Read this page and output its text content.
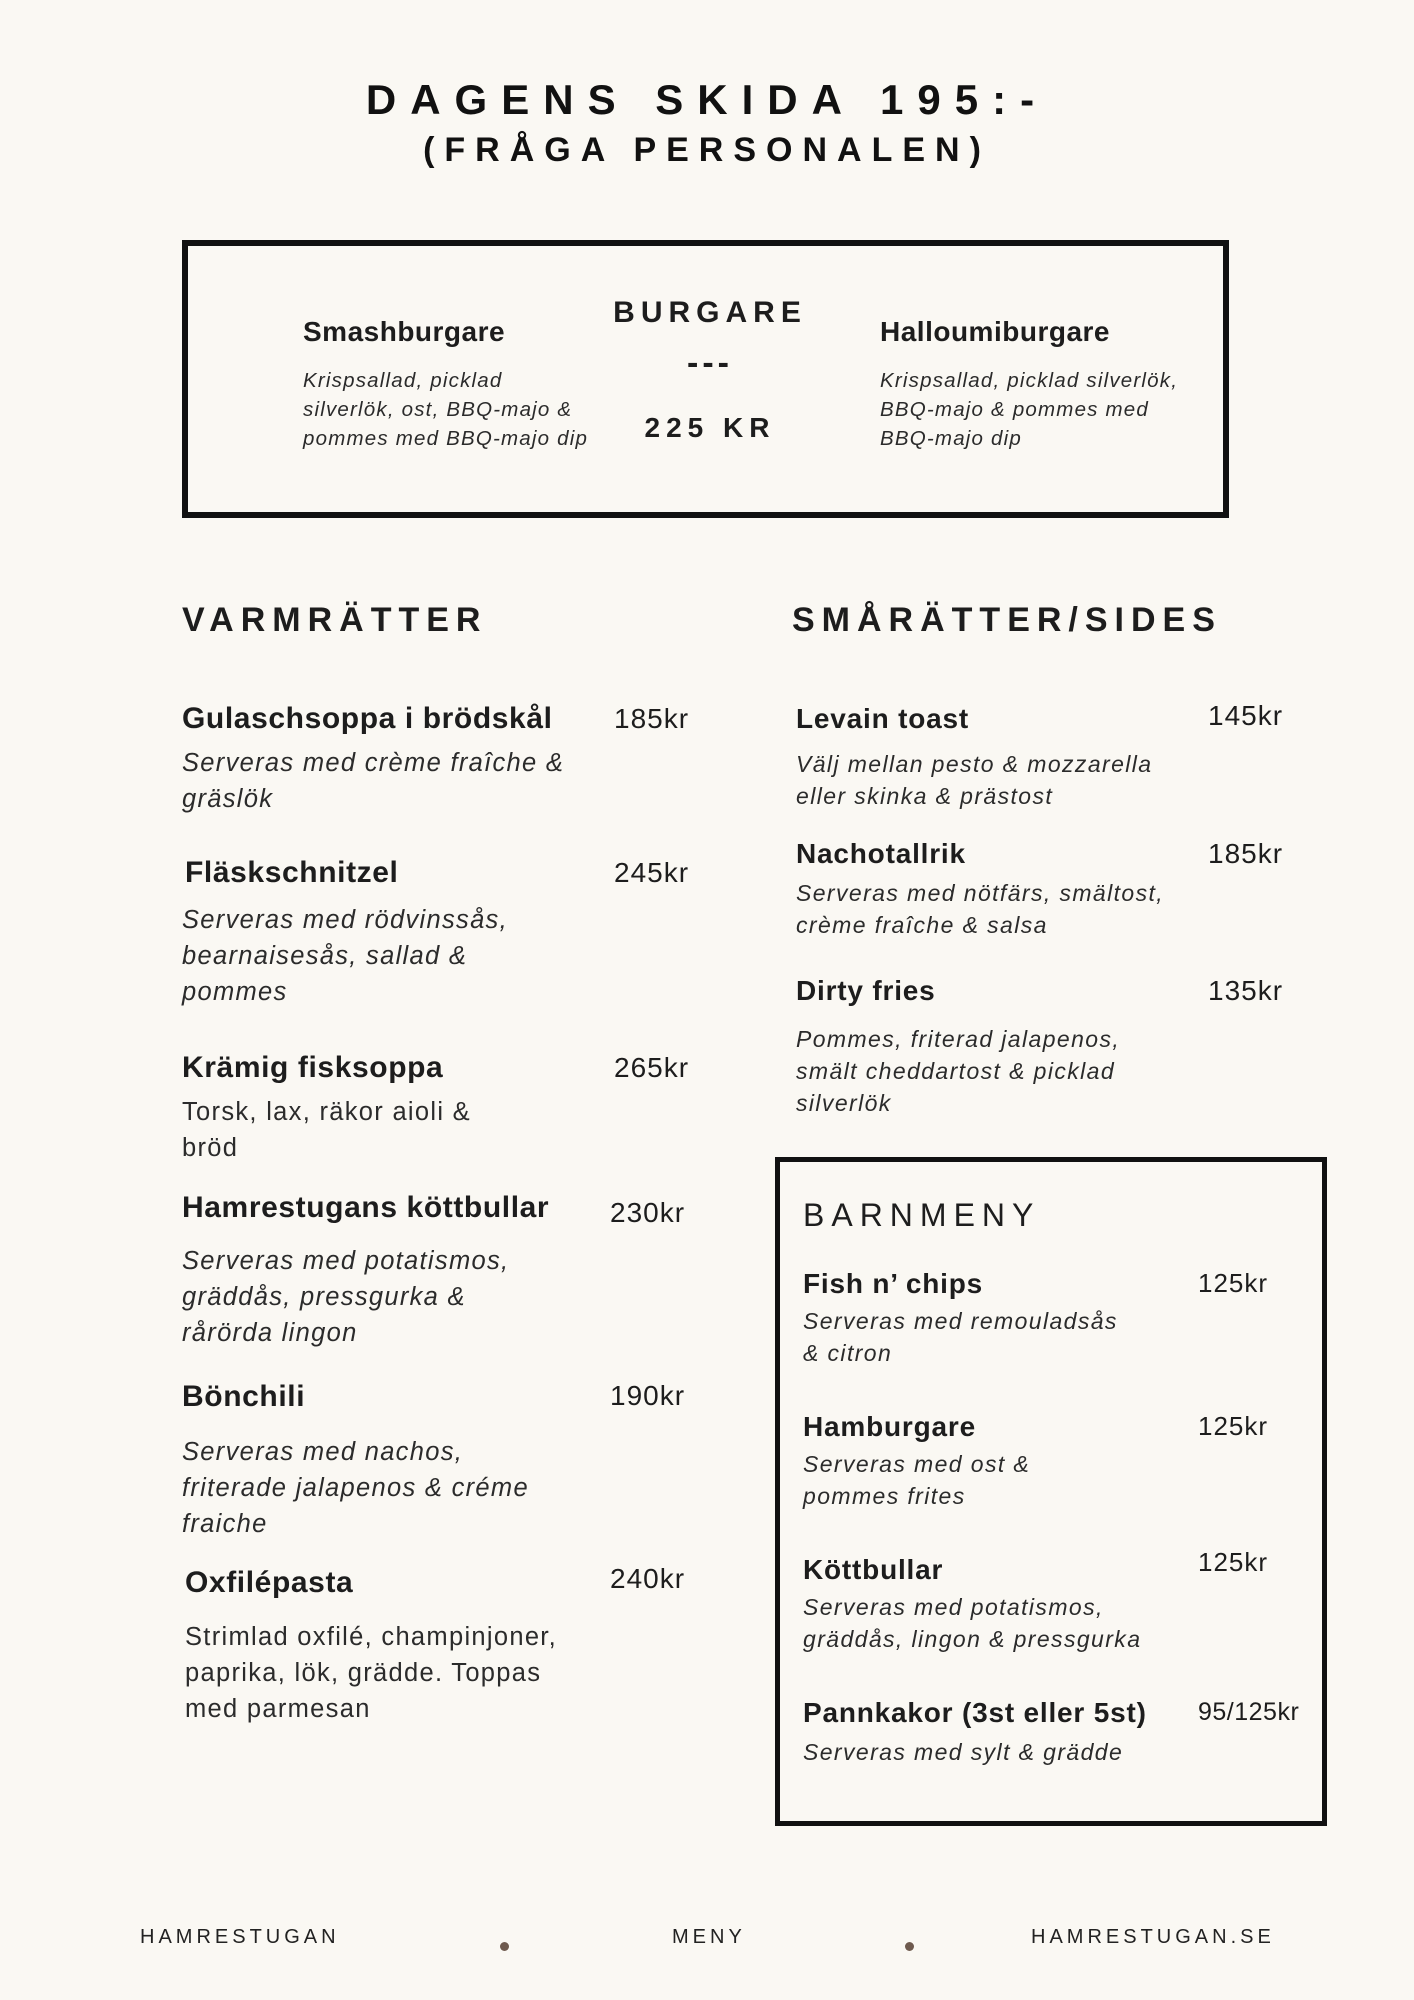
DAGENS SKIDA 195:-
(FRÅGA PERSONALEN)
Smashburgare
Krispsallad, picklad
silverlök, ost, BBQ-majo &
pommes med BBQ-majo dip
BURGARE
---
225 KR
Halloumiburgare
Krispsallad, picklad silverlök,
BBQ-majo & pommes med
BBQ-majo dip
VARMRÄTTER
Gulaschsoppa i brödskål 185kr
Serveras med crème fraîche &
gräslök
Fläskschnitzel	245kr
Serveras med rödvinssås,
bearnaisesås, sallad &
pommes
Krämig fisksoppa	265kr
Torsk, lax, räkor aioli &
bröd
Hamrestugans köttbullar 230kr
Serveras med potatismos,
gräddås, pressgurka &
rårörda lingon
Bönchili	190kr
Serveras med nachos,
friterade jalapenos & créme
fraiche
Oxfilépasta	240kr
Strimlad oxfilé, champinjoner,
paprika, lök, grädde. Toppas
med parmesan
SMÅRÄTTER/SIDES
Levain toast	145kr
Välj mellan pesto & mozzarella
eller skinka & prästost
Nachotallrik	185kr
Serveras med nötfärs, smältost,
crème fraîche & salsa
Dirty fries	135kr
Pommes, friterad jalapenos,
smält cheddartost & picklad
silverlök
BARNMENY
Fish n’ chips	125kr
Serveras med remouladsås
& citron
Hamburgare	125kr
Serveras med ost &
pommes frites
Köttbullar	125kr
Serveras med potatismos,
gräddås, lingon & pressgurka
Pannkakor (3st eller 5st) 95/125kr
Serveras med sylt & grädde
HAMRESTUGAN	MENY	HAMRESTUGAN.SE
